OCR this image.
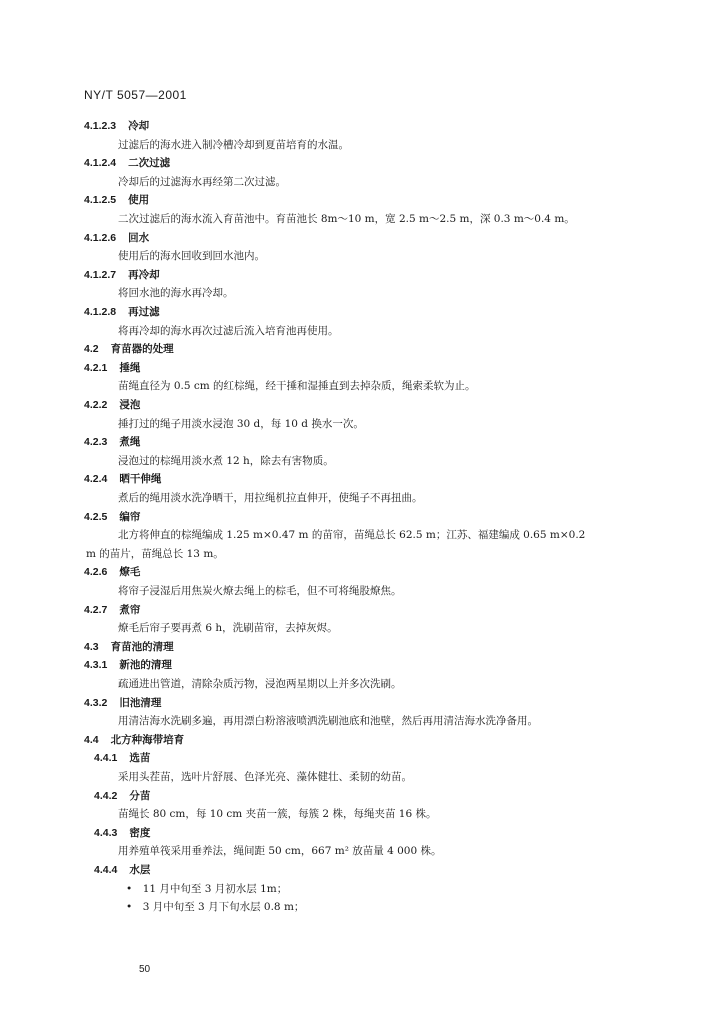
NY/T 5057—2001
4.1.2.3 冷却
过滤后的海水进入制冷槽冷却到夏苗培育的水温。
4.1.2.4 二次过滤
冷却后的过滤海水再经第二次过滤。
4.1.2.5 使用
二次过滤后的海水流入育苗池中。育苗池长 8m～10 m，宽 2.5 m～2.5 m，深 0.3 m～0.4 m。
4.1.2.6 回水
使用后的海水回收到回水池内。
4.1.2.7 再冷却
将回水池的海水再冷却。
4.1.2.8 再过滤
将再冷却的海水再次过滤后流入培育池再使用。
4.2 育苗器的处理
4.2.1 捶绳
苗绳直径为 0.5 cm 的红棕绳，经干捶和湿捶直到去掉杂质，绳索柔软为止。
4.2.2 浸泡
捶打过的绳子用淡水浸泡 30 d，每 10 d 换水一次。
4.2.3 煮绳
浸泡过的棕绳用淡水煮 12 h，除去有害物质。
4.2.4 晒干伸绳
煮后的绳用淡水洗净晒干，用拉绳机拉直伸开，使绳子不再扭曲。
4.2.5 编帘
北方将伸直的棕绳编成 1.25 m×0.47 m 的苗帘，苗绳总长 62.5 m；江苏、福建编成 0.65 m×0.2
m 的苗片，苗绳总长 13 m。
4.2.6 燎毛
将帘子浸湿后用焦炭火燎去绳上的棕毛，但不可将绳股燎焦。
4.2.7 煮帘
燎毛后帘子要再煮 6 h，洗刷苗帘，去掉灰烬。
4.3 育苗池的清理
4.3.1 新池的清理
疏通进出管道，清除杂质污物，浸泡两星期以上并多次洗刷。
4.3.2 旧池清理
用清洁海水洗刷多遍，再用漂白粉溶液喷洒洗刷池底和池壁，然后再用清洁海水洗净备用。
4.4 北方种海带培育
4.4.1 选苗
采用头茬苗，选叶片舒展、色泽光亮、藻体健壮、柔韧的幼苗。
4.4.2 分苗
苗绳长 80 cm，每 10 cm 夹苗一簇，每簇 2 株，每绳夹苗 16 株。
4.4.3 密度
用养殖单筏采用垂养法，绳间距 50 cm，667 m² 放苗量 4 000 株。
4.4.4 水层
•　11 月中旬至 3 月初水层 1m；
•　3 月中旬至 3 月下旬水层 0.8 m；
50
